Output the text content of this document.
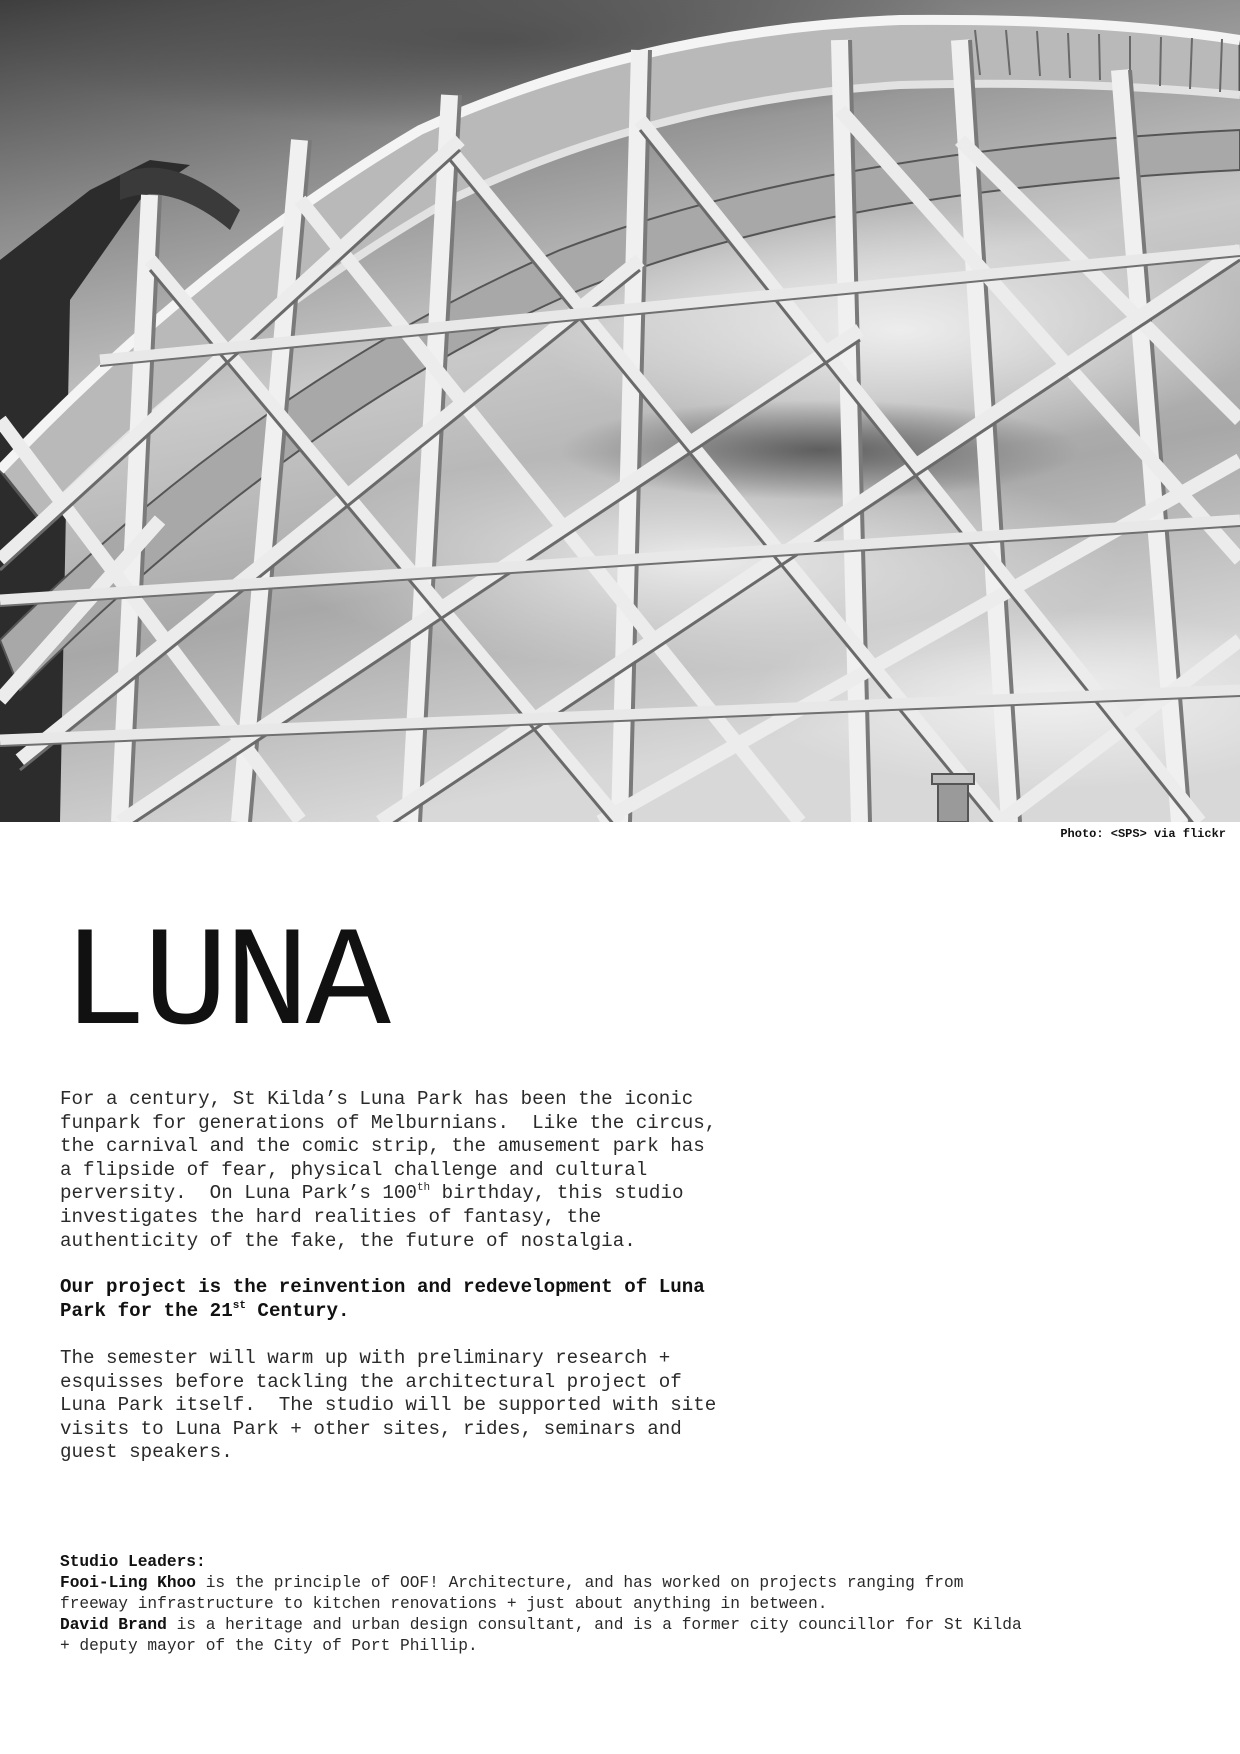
Photo: <SPS> via flickr
LUNA

For a century, St Kilda’s Luna Park has been the iconic
funpark for generations of Melburnians.  Like the circus,
the carnival and the comic strip, the amusement park has
a flipside of fear, physical challenge and cultural
perversity.  On Luna Park’s 100th birthday, this studio
investigates the hard realities of fantasy, the
authenticity of the fake, the future of nostalgia.

Our project is the reinvention and redevelopment of Luna
Park for the 21st Century.

The semester will warm up with preliminary research +
esquisses before tackling the architectural project of
Luna Park itself.  The studio will be supported with site
visits to Luna Park + other sites, rides, seminars and
guest speakers.

Studio Leaders:
Fooi-Ling Khoo is the principle of OOF! Architecture, and has worked on projects ranging from
freeway infrastructure to kitchen renovations + just about anything in between.
David Brand is a heritage and urban design consultant, and is a former city councillor for St Kilda
+ deputy mayor of the City of Port Phillip.
